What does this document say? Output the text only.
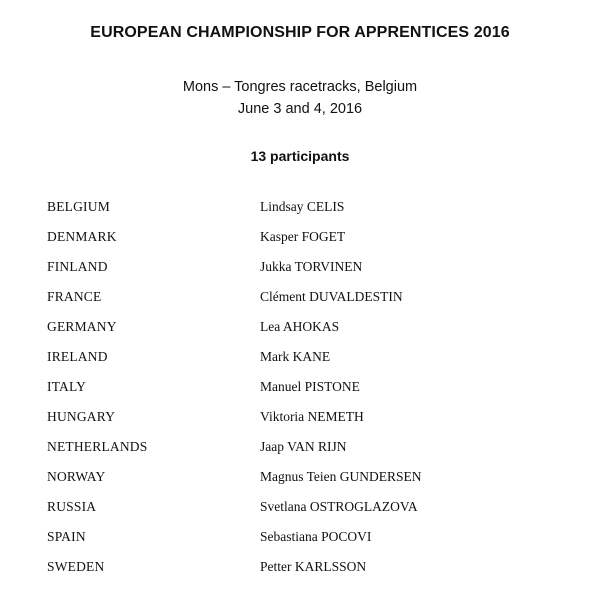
EUROPEAN CHAMPIONSHIP FOR APPRENTICES 2016
Mons – Tongres racetracks, Belgium
June 3 and 4, 2016
13 participants
BELGIUM	Lindsay CELIS
DENMARK	Kasper FOGET
FINLAND	Jukka TORVINEN
FRANCE	Clément DUVALDESTIN
GERMANY	Lea AHOKAS
IRELAND	Mark KANE
ITALY	Manuel PISTONE
HUNGARY	Viktoria NEMETH
NETHERLANDS	Jaap VAN RIJN
NORWAY	Magnus Teien GUNDERSEN
RUSSIA	Svetlana OSTROGLAZOVA
SPAIN	Sebastiana POCOVI
SWEDEN	Petter KARLSSON
